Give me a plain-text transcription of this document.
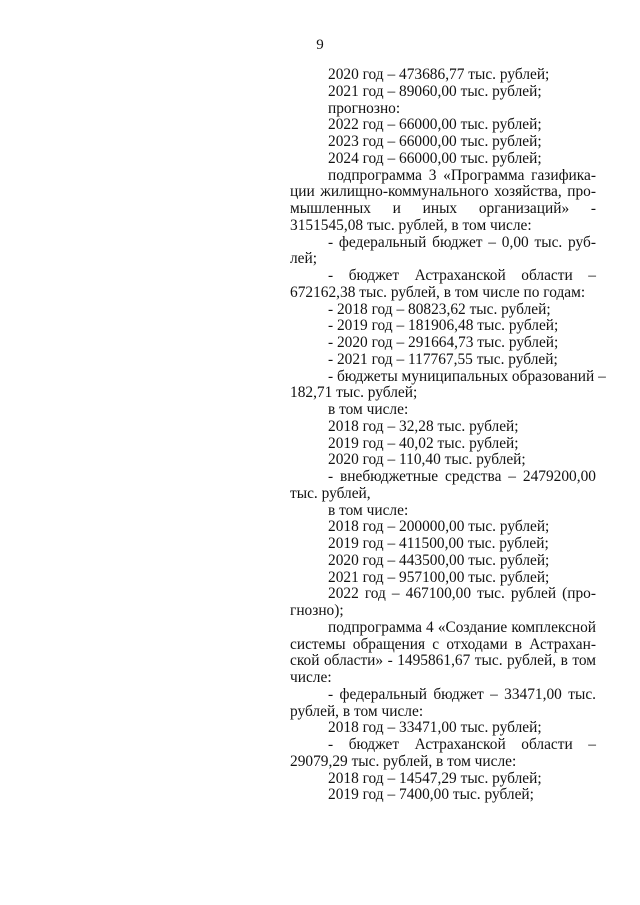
9
2020 год – 473686,77 тыс. рублей;
2021 год – 89060,00 тыс. рублей;
прогнозно:
2022 год – 66000,00 тыс. рублей;
2023 год – 66000,00 тыс. рублей;
2024 год – 66000,00 тыс. рублей;
подпрограмма 3 «Программа газифика-
ции жилищно-коммунального хозяйства, про-
мышленных и иных организаций» -
3151545,08 тыс. рублей, в том числе:
- федеральный бюджет – 0,00 тыс. руб-
лей;
- бюджет Астраханской области –
672162,38 тыс. рублей, в том числе по годам:
- 2018 год – 80823,62 тыс. рублей;
- 2019 год – 181906,48 тыс. рублей;
- 2020 год – 291664,73 тыс. рублей;
- 2021 год – 117767,55 тыс. рублей;
- бюджеты муниципальных образований –
182,71 тыс. рублей;
в том числе:
2018 год – 32,28 тыс. рублей;
2019 год – 40,02 тыс. рублей;
2020 год – 110,40 тыс. рублей;
- внебюджетные средства – 2479200,00
тыс. рублей,
в том числе:
2018 год – 200000,00 тыс. рублей;
2019 год – 411500,00 тыс. рублей;
2020 год – 443500,00 тыс. рублей;
2021 год – 957100,00 тыс. рублей;
2022 год – 467100,00 тыс. рублей (про-
гнозно);
подпрограмма 4 «Создание комплексной
системы обращения с отходами в Астрахан-
ской области» - 1495861,67 тыс. рублей, в том
числе:
- федеральный бюджет – 33471,00 тыс.
рублей, в том числе:
2018 год – 33471,00 тыс. рублей;
- бюджет Астраханской области –
29079,29 тыс. рублей, в том числе:
2018 год – 14547,29 тыс. рублей;
2019 год – 7400,00 тыс. рублей;
